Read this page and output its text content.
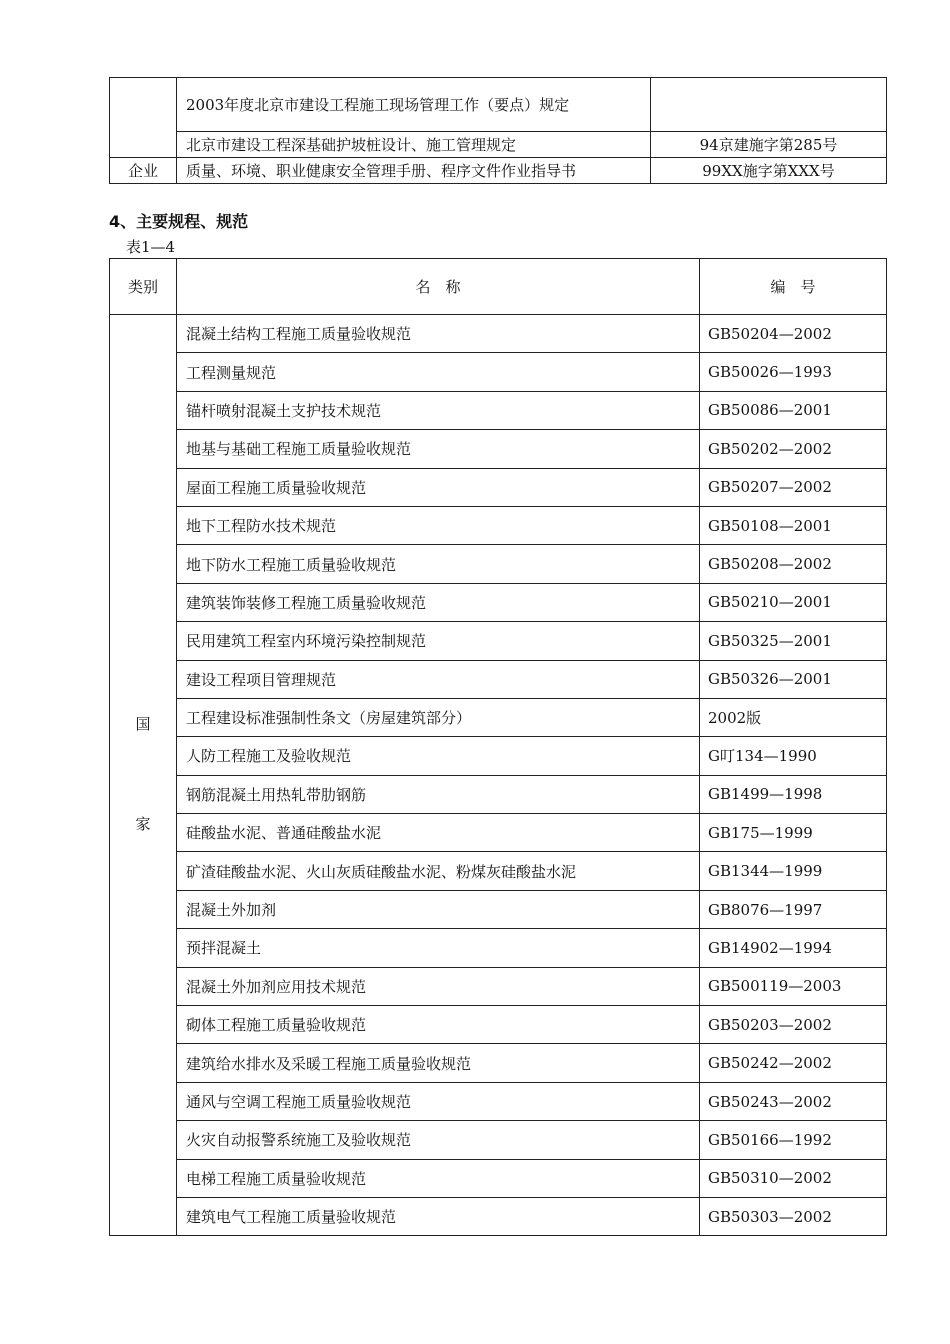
	2003年度北京市建设工程施工现场管理工作（要点）规定	
	北京市建设工程深基础护坡桩设计、施工管理规定	94京建施字第285号
企业	质量、环境、职业健康安全管理手册、程序文件作业指导书	99XX施字第XXX号
4、主要规程、规范
表1—4
类别	名　称	编　号

国
家	混凝土结构工程施工质量验收规范	GB50204—2002
	工程测量规范	GB50026—1993
	锚杆喷射混凝土支护技术规范	GB50086—2001
	地基与基础工程施工质量验收规范	GB50202—2002
	屋面工程施工质量验收规范	GB50207—2002
	地下工程防水技术规范	GB50108—2001
	地下防水工程施工质量验收规范	GB50208—2002
	建筑装饰装修工程施工质量验收规范	GB50210—2001
	民用建筑工程室内环境污染控制规范	GB50325—2001
	建设工程项目管理规范	GB50326—2001
	工程建设标准强制性条文（房屋建筑部分）	2002版
	人防工程施工及验收规范	G叮134—1990
	钢筋混凝土用热轧带肋钢筋	GB1499—1998
	硅酸盐水泥、普通硅酸盐水泥	GB175—1999
	矿渣硅酸盐水泥、火山灰质硅酸盐水泥、粉煤灰硅酸盐水泥	GB1344—1999
	混凝土外加剂	GB8076—1997
	预拌混凝土	GB14902—1994
	混凝土外加剂应用技术规范	GB500119—2003
	砌体工程施工质量验收规范	GB50203—2002
	建筑给水排水及采暖工程施工质量验收规范	GB50242—2002
	通风与空调工程施工质量验收规范	GB50243—2002
	火灾自动报警系统施工及验收规范	GB50166—1992
	电梯工程施工质量验收规范	GB50310—2002
	建筑电气工程施工质量验收规范	GB50303—2002
